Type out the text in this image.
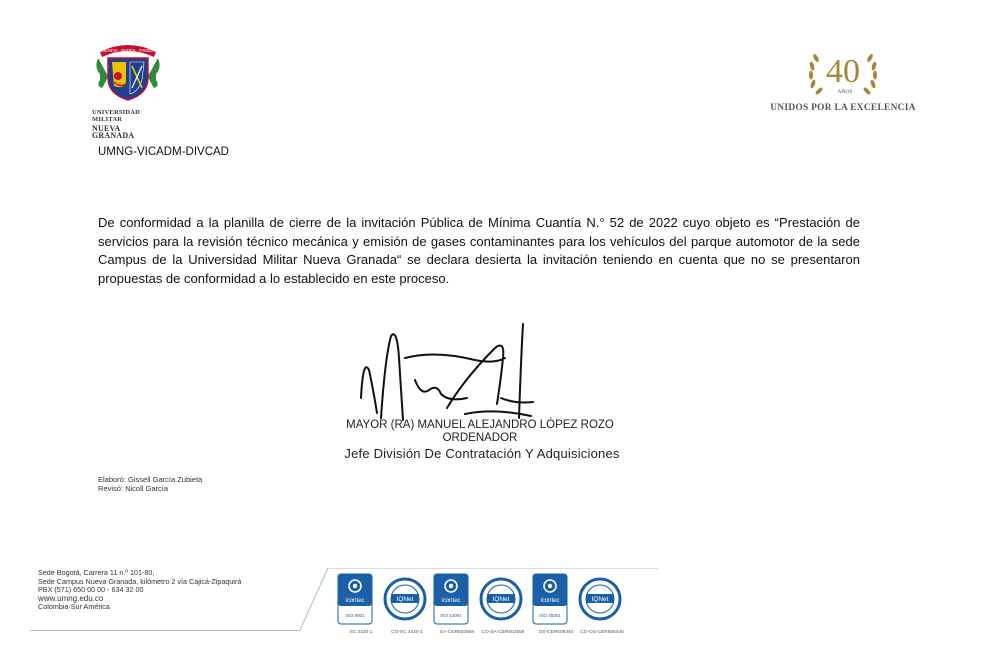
CIENCIA · PATRIA · FAMILIA
UNIVERSIDAD MILITAR
NUEVA GRANADA
40
AÑOS
UNIDOS POR LA EXCELENCIA
UMNG-VICADM-DIVCAD
De conformidad a la planilla de cierre de la invitación Pública de Mínima Cuantía N.° 52 de 2022 cuyo objeto es “Prestación de servicios para la revisión técnico mecánica y emisión de gases contaminantes para los vehículos del parque automotor de la sede Campus de la Universidad Militar Nueva Granada“ se declara desierta la invitación teniendo en cuenta que no se presentaron propuestas de conformidad a lo establecido en este proceso.
MAYOR (RA) MANUEL ALEJANDRO LÓPEZ ROZO
ORDENADOR
Jefe División De Contratación Y Adquisiciones
Elaboró: Gissell García Zubieta
Revisó: Nicoll García
Sede Bogotá, Carrera 11 n.º 101-80,
Sede Campus Nueva Granada, kilómetro 2 vía Cajicá-Zipaquirá
PBX (571) 650 00 00 - 634 32 00
www.umng.edu.co
Colombia-Sur América
icontec
ISO 9001
SC 4420-1
IQNet
CO-SC 4420-1
icontec
ISO 14001
SA-CER502658
IQNet
CO-SA-CER502658
icontec
ISO 45001
OS-CER508440
IQNet
CO-OS-CER508440
